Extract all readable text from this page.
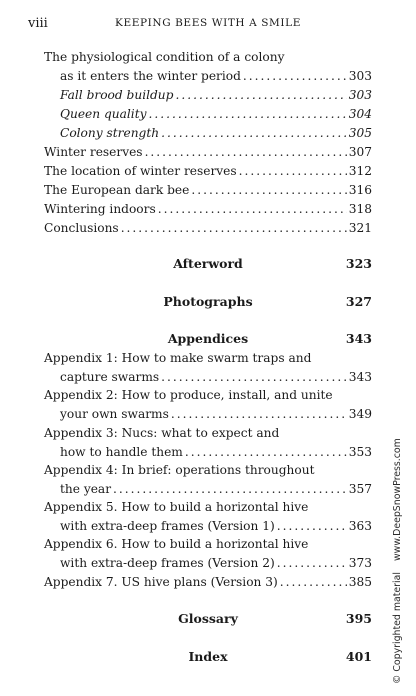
viii	KEEPING BEES WITH A SMILE
The physiological condition of a colony
as it enters the winter period .....	303
Fall brood buildup .....	303
Queen quality .....	304
Colony strength .....	305
Winter reserves .....	307
The location of winter reserves .....	312
The European dark bee .....	316
Wintering indoors .....	318
Conclusions .....	321
Afterword	323
Photographs	327
Appendices	343
Appendix 1: How to make swarm traps and
capture swarms .....	343
Appendix 2: How to produce, install, and unite
your own swarms .....	349
Appendix 3: Nucs: what to expect and
how to handle them .....	353
Appendix 4: In brief: operations throughout
the year .....	357
Appendix 5. How to build a horizontal hive
with extra-deep frames (Version 1) .....	363
Appendix 6. How to build a horizontal hive
with extra-deep frames (Version 2) .....	373
Appendix 7. US hive plans (Version 3) .....	385
Glossary	395
Index	401 © Copyrighted material www.DeepSnowPress.com
